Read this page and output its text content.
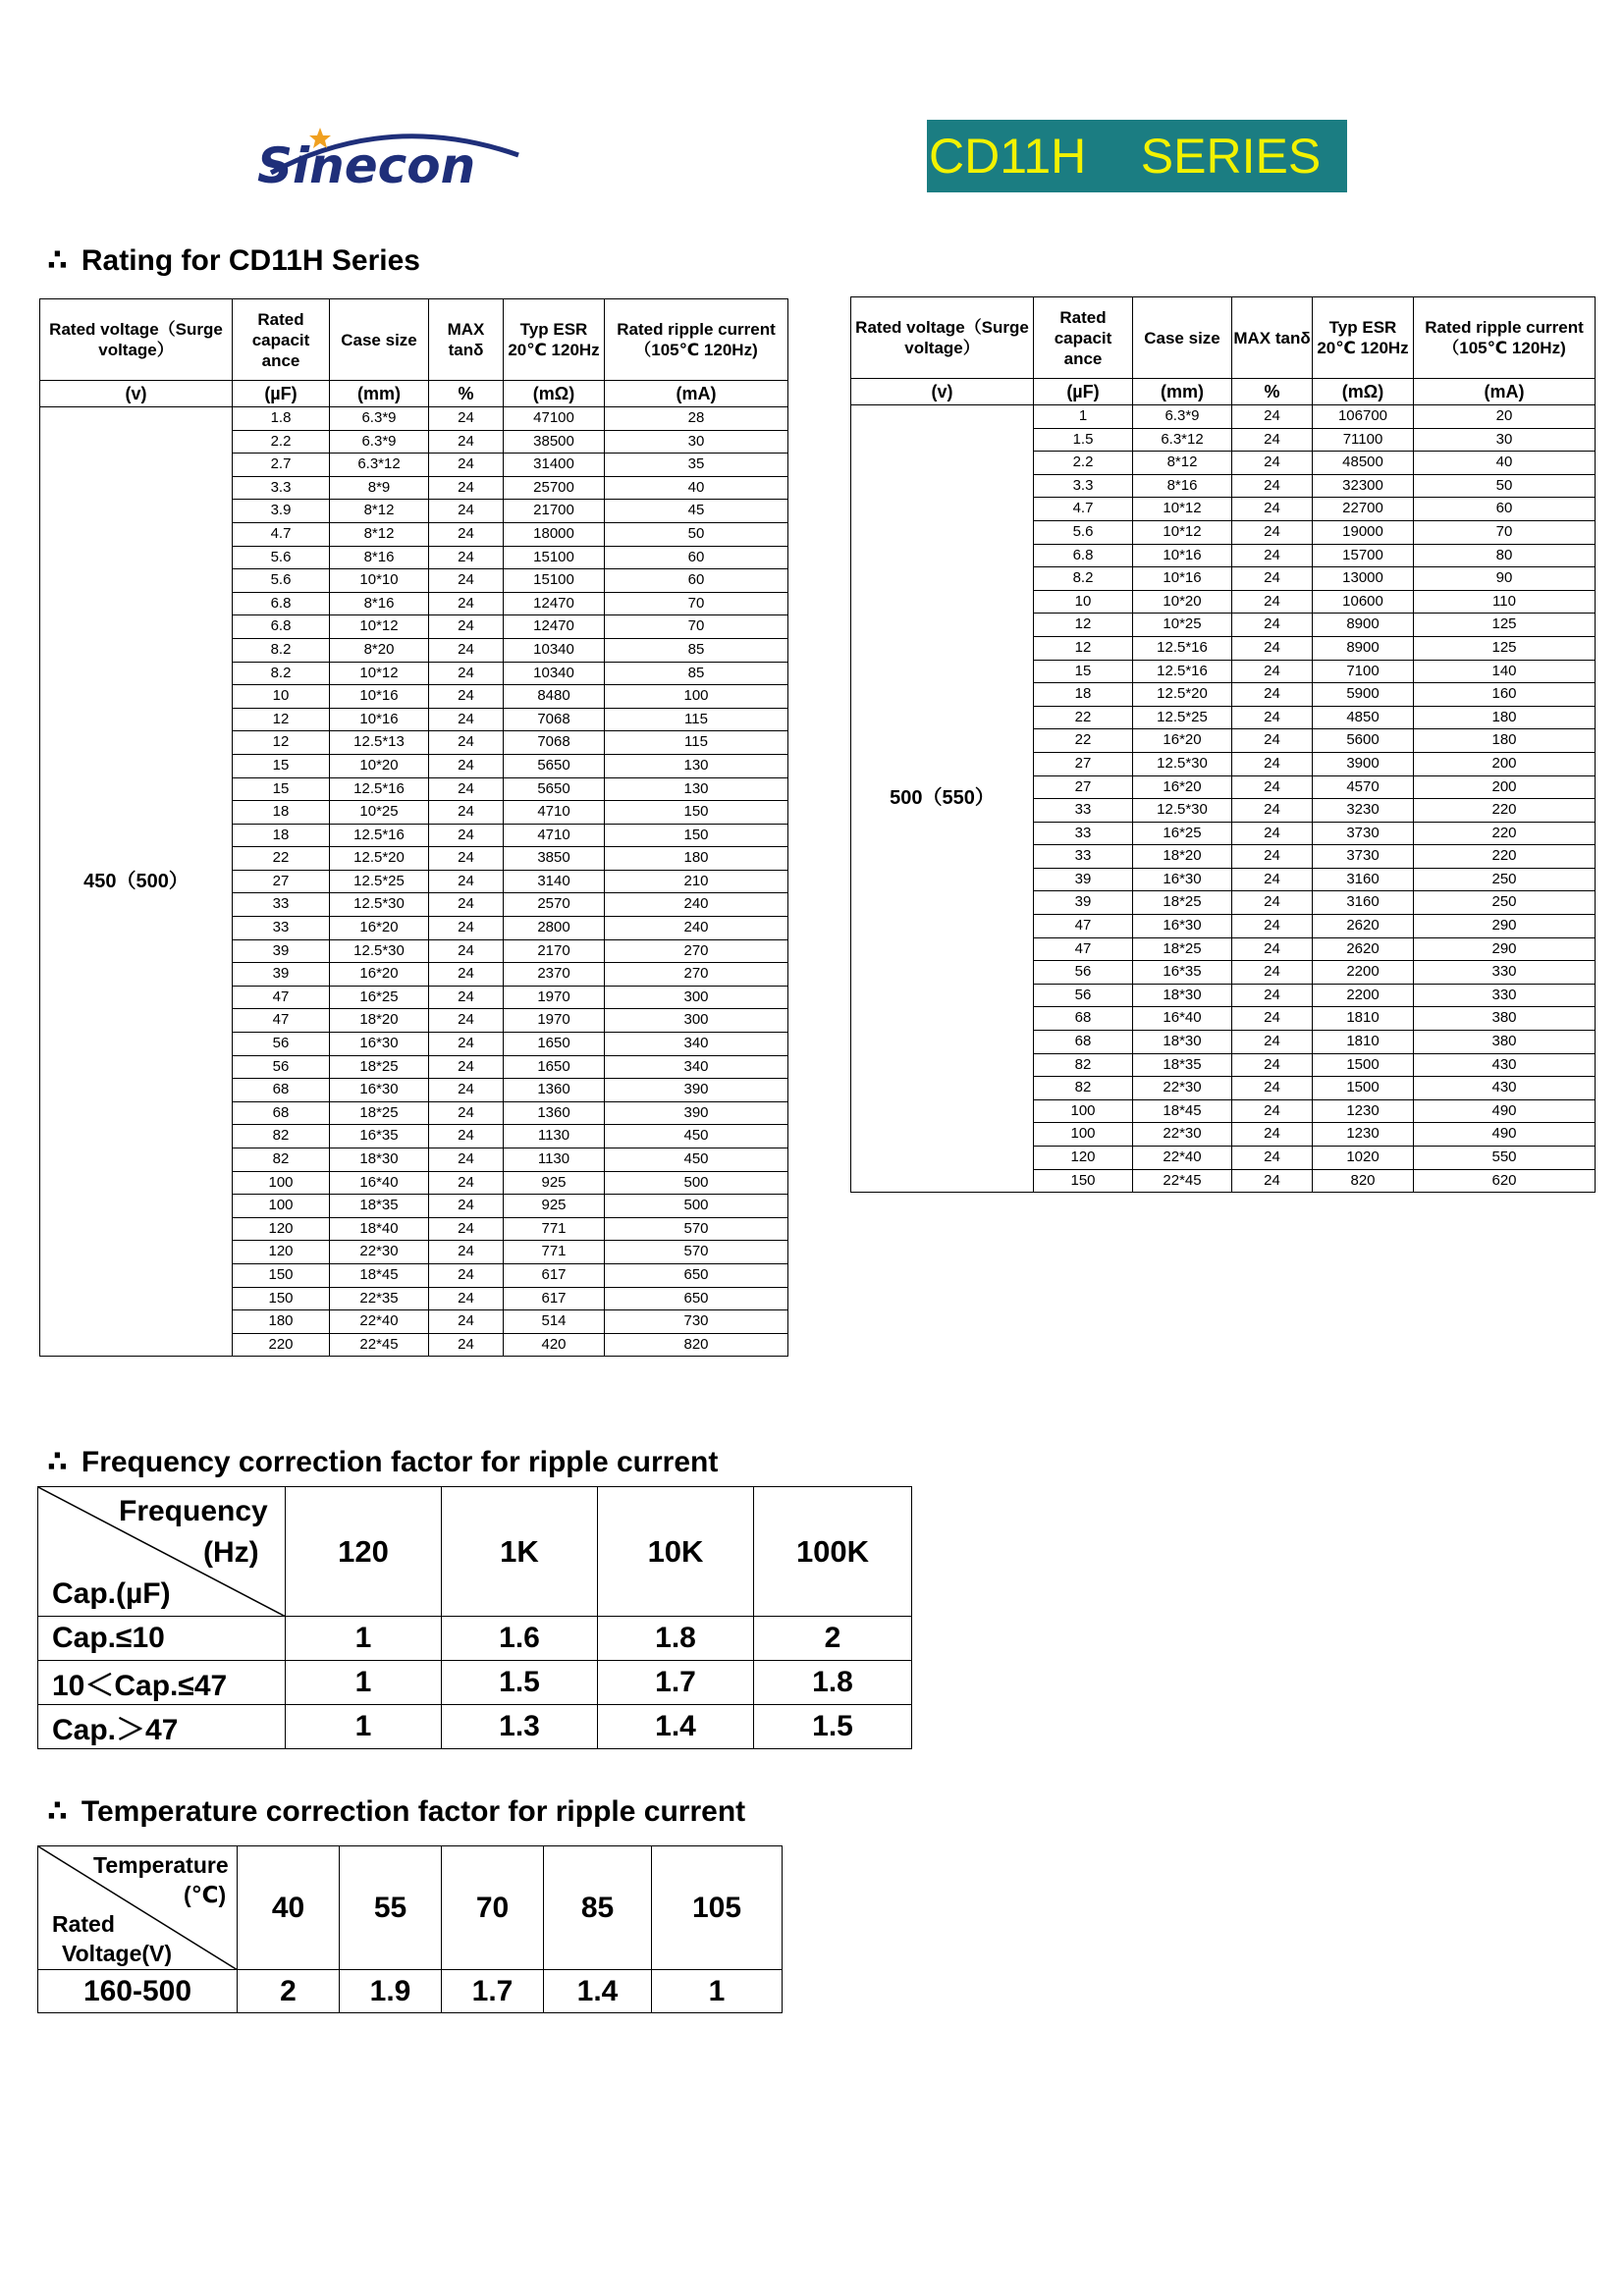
Sinecon	CD11H    SERIES
∴ Rating for CD11H Series
Rated voltage（Surge voltage）	Rated capacit ance	Case size	MAX tanδ	Typ ESR 20℃ 120Hz	Rated ripple current（105℃ 120Hz)
(v)	(µF)	(mm)	%	(mΩ)	(mA)
450（500）	1.8	6.3*9	24	47100	28
	2.2	6.3*9	24	38500	30
	2.7	6.3*12	24	31400	35
	3.3	8*9	24	25700	40
	3.9	8*12	24	21700	45
	4.7	8*12	24	18000	50
	5.6	8*16	24	15100	60
	5.6	10*10	24	15100	60
	6.8	8*16	24	12470	70
	6.8	10*12	24	12470	70
	8.2	8*20	24	10340	85
	8.2	10*12	24	10340	85
	10	10*16	24	8480	100
	12	10*16	24	7068	115
	12	12.5*13	24	7068	115
	15	10*20	24	5650	130
	15	12.5*16	24	5650	130
	18	10*25	24	4710	150
	18	12.5*16	24	4710	150
	22	12.5*20	24	3850	180
	27	12.5*25	24	3140	210
	33	12.5*30	24	2570	240
	33	16*20	24	2800	240
	39	12.5*30	24	2170	270
	39	16*20	24	2370	270
	47	16*25	24	1970	300
	47	18*20	24	1970	300
	56	16*30	24	1650	340
	56	18*25	24	1650	340
	68	16*30	24	1360	390
	68	18*25	24	1360	390
	82	16*35	24	1130	450
	82	18*30	24	1130	450
	100	16*40	24	925	500
	100	18*35	24	925	500
	120	18*40	24	771	570
	120	22*30	24	771	570
	150	18*45	24	617	650
	150	22*35	24	617	650
	180	22*40	24	514	730
	220	22*45	24	420	820
Rated voltage（Surge voltage）	Rated capacit ance	Case size	MAX tanδ	Typ ESR 20℃ 120Hz	Rated ripple current（105℃ 120Hz)
(v)	(µF)	(mm)	%	(mΩ)	(mA)
500（550）	1	6.3*9	24	106700	20
	1.5	6.3*12	24	71100	30
	2.2	8*12	24	48500	40
	3.3	8*16	24	32300	50
	4.7	10*12	24	22700	60
	5.6	10*12	24	19000	70
	6.8	10*16	24	15700	80
	8.2	10*16	24	13000	90
	10	10*20	24	10600	110
	12	10*25	24	8900	125
	12	12.5*16	24	8900	125
	15	12.5*16	24	7100	140
	18	12.5*20	24	5900	160
	22	12.5*25	24	4850	180
	22	16*20	24	5600	180
	27	12.5*30	24	3900	200
	27	16*20	24	4570	200
	33	12.5*30	24	3230	220
	33	16*25	24	3730	220
	33	18*20	24	3730	220
	39	16*30	24	3160	250
	39	18*25	24	3160	250
	47	16*30	24	2620	290
	47	18*25	24	2620	290
	56	16*35	24	2200	330
	56	18*30	24	2200	330
	68	16*40	24	1810	380
	68	18*30	24	1810	380
	82	18*35	24	1500	430
	82	22*30	24	1500	430
	100	18*45	24	1230	490
	100	22*30	24	1230	490
	120	22*40	24	1020	550
	150	22*45	24	820	620
∴ Frequency correction factor for ripple current
Frequency
(Hz)
Cap.(µF)	120	1K	10K	100K
Cap.≤10	1	1.6	1.8	2
10＜Cap.≤47	1	1.5	1.7	1.8
Cap.＞47	1	1.3	1.4	1.5
∴ Temperature correction factor for ripple current
Temperature
(℃)
Rated
Voltage(V)	40	55	70	85	105
160-500	2	1.9	1.7	1.4	1
